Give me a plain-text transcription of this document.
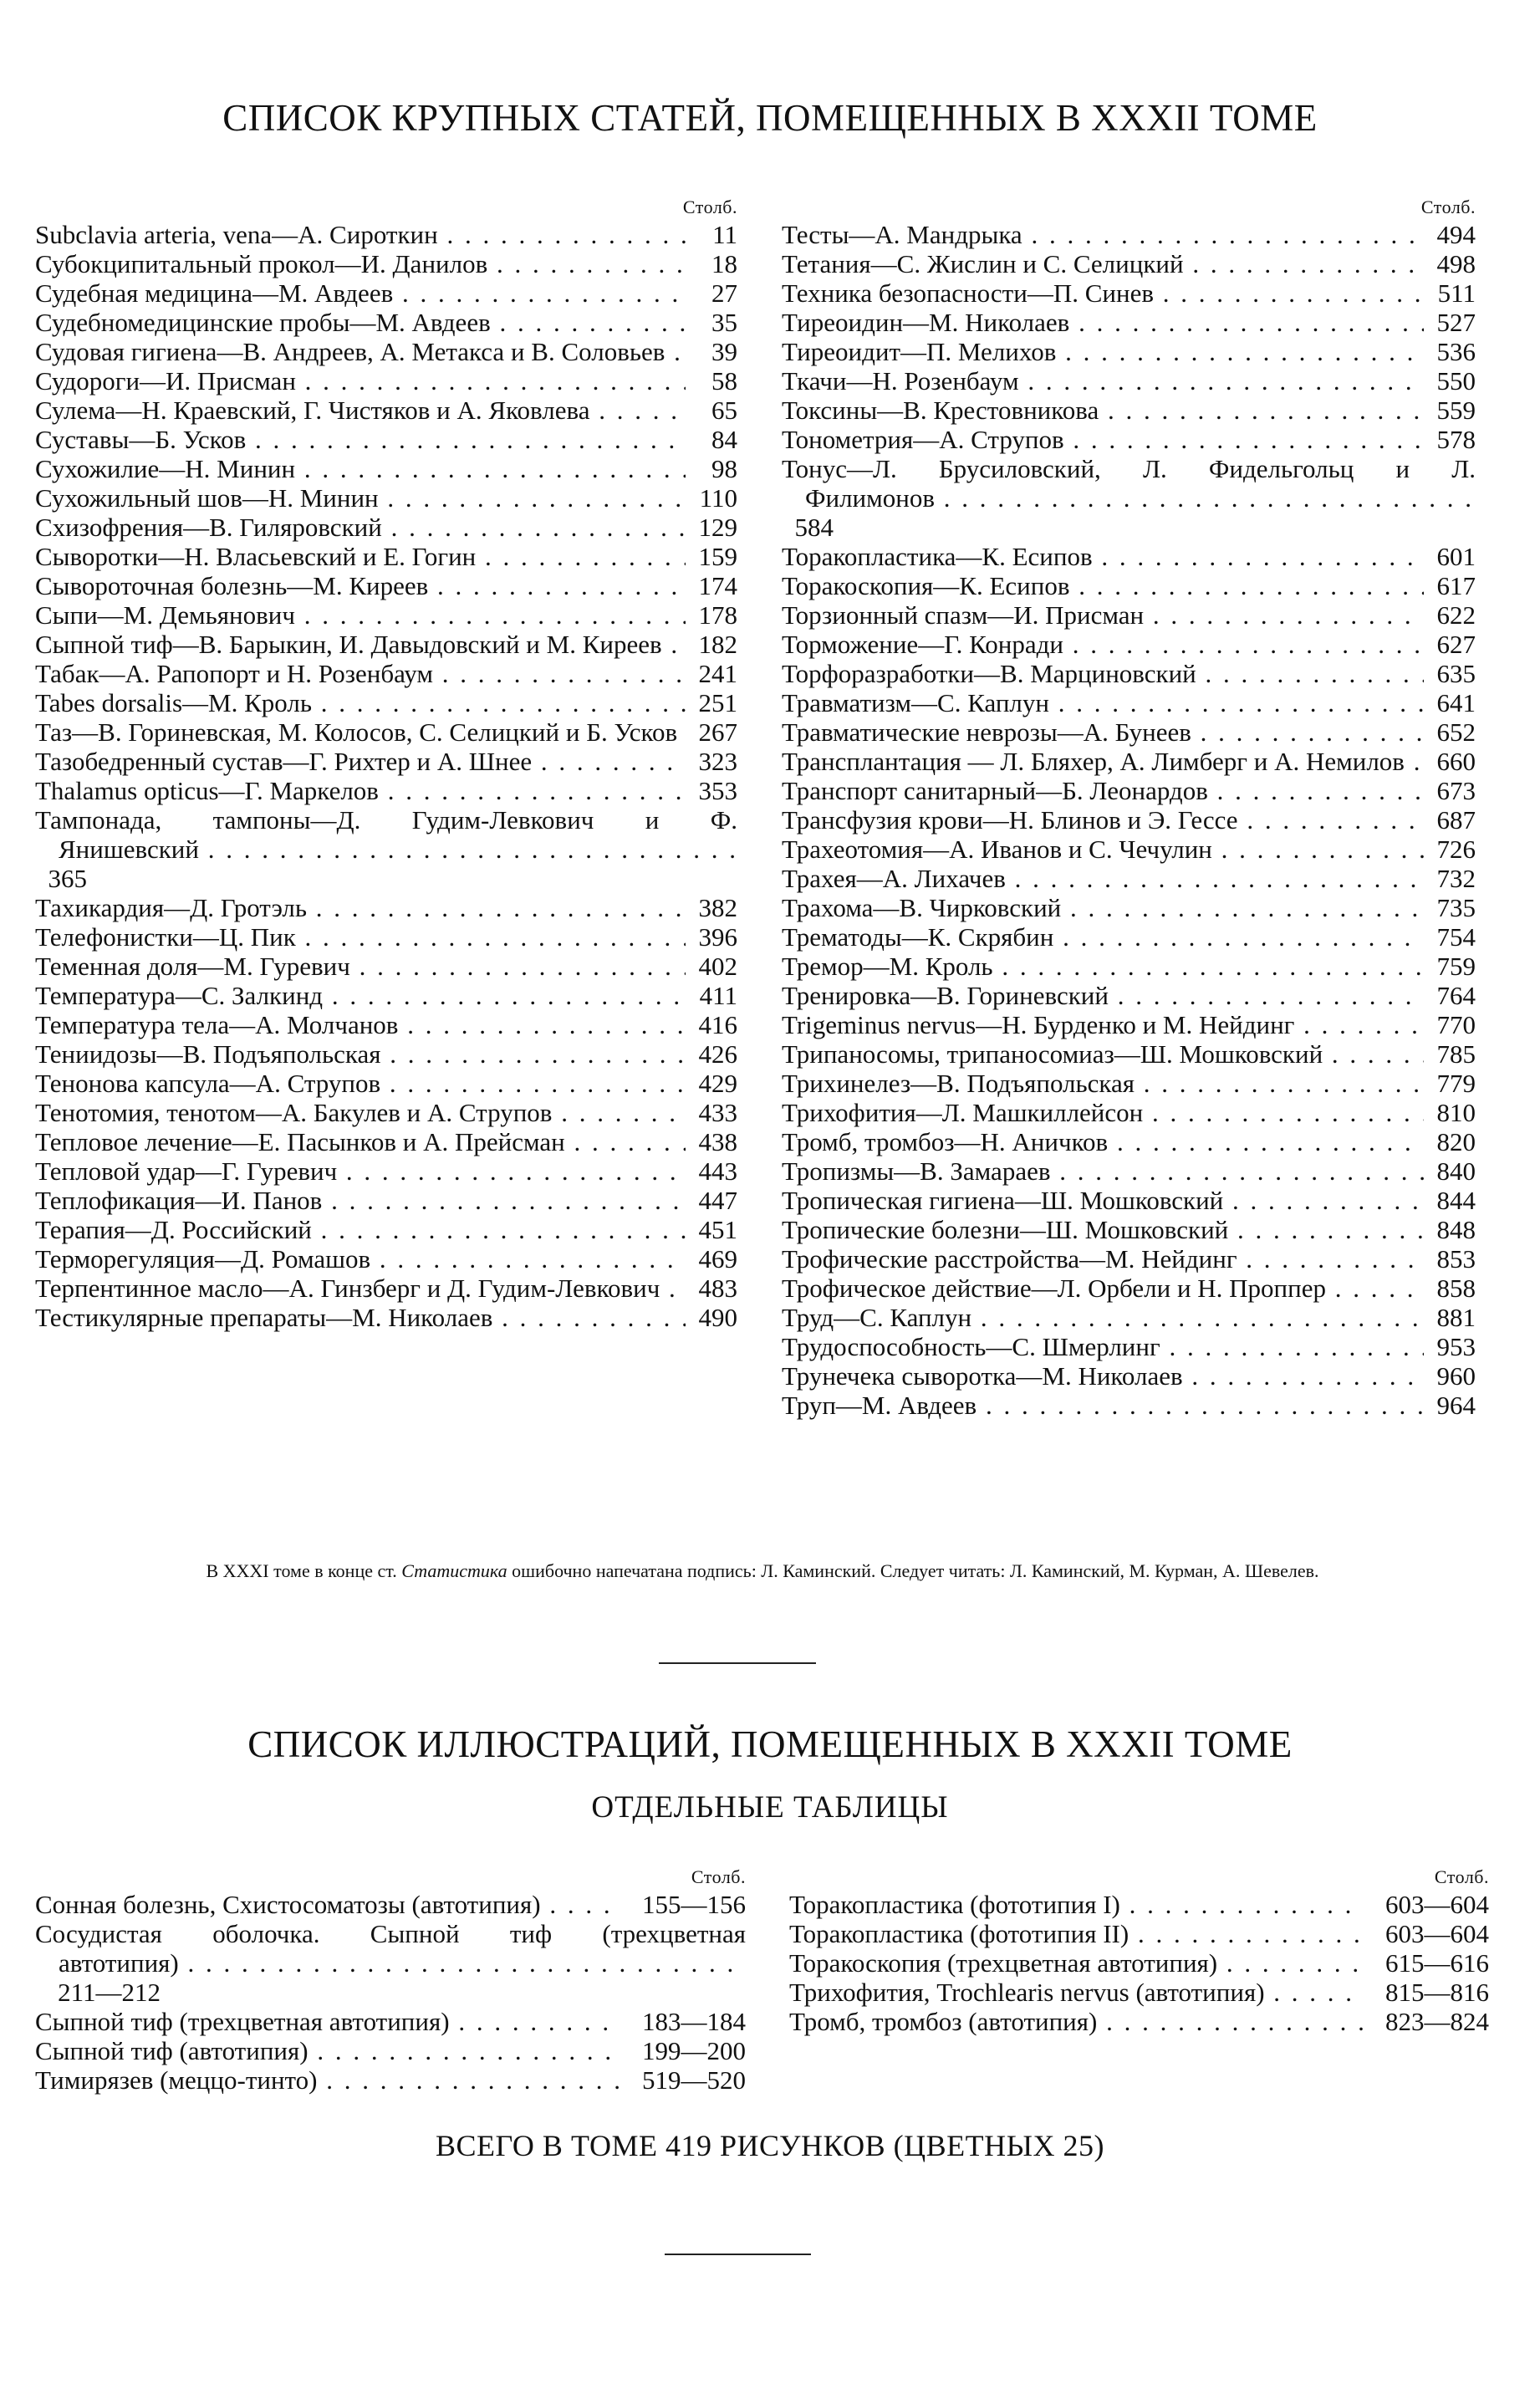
СПИСОК КРУПНЫХ СТАТЕЙ, ПОМЕЩЕННЫХ В XXXII ТОМЕ
Столб.
Subclavia arteria, vena—А. Сироткин . . .	11
Субокципитальный прокол—И. Данилов . . .	18
Судебная медицина—М. Авдеев . . .	27
Судебномедицинские пробы—М. Авдеев . . .	35
Судовая гигиена—В. Андреев, А. Метакса и В. Соловьев . . .	39
Судороги—И. Присман . . .	58
Сулема—Н. Краевский, Г. Чистяков и А. Яковлева . . .	65
Суставы—Б. Усков . . .	84
Сухожилие—Н. Минин . . .	98
Сухожильный шов—Н. Минин . . .	110
Схизофрения—В. Гиляровский . . .	129
Сыворотки—Н. Власьевский и Е. Гогин . . .	159
Сывороточная болезнь—М. Киреев . . .	174
Сыпи—М. Демьянович . . .	178
Сыпной тиф—В. Барыкин, И. Давыдовский и М. Киреев . . .	182
Табак—А. Рапопорт и Н. Розенбаум . . .	241
Tabes dorsalis—М. Кроль . . .	251
Таз—В. Гориневская, М. Колосов, С. Селицкий и Б. Усков . . . 267
Тазобедренный сустав—Г. Рихтер и А. Шнее . . .	323
Thalamus opticus—Г. Маркелов . . .	353
Тампонада, тампоны—Д. Гудим-Левкович и Ф.
Янишевский . . .
365
Тахикардия—Д. Гротэль . . .	382
Телефонистки—Ц. Пик . . .	396
Теменная доля—М. Гуревич . . .	402
Температура—С. Залкинд . . .	411
Температура тела—А. Молчанов . . .	416
Тениидозы—В. Подъяпольская . . .	426
Тенонова капсула—А. Струпов . . .	429
Тенотомия, тенотом—А. Бакулев и А. Струпов . . .	433
Тепловое лечение—Е. Пасынков и А. Прейсман . . .	438
Тепловой удар—Г. Гуревич . . .	443
Теплофикация—И. Панов . . .	447
Терапия—Д. Российский . . .	451
Терморегуляция—Д. Ромашов . . .	469
Терпентинное масло—А. Гинзберг и Д. Гудим-Левкович . . .	483
Тестикулярные препараты—М. Николаев . . .	490
Столб.
Тесты—А. Мандрыка . . .	494
Тетания—С. Жислин и С. Селицкий . . .	498
Техника безопасности—П. Синев . . .	511
Тиреоидин—М. Николаев . . .	527
Тиреоидит—П. Мелихов . . .	536
Ткачи—Н. Розенбаум . . .	550
Токсины—В. Крестовникова . . .	559
Тонометрия—А. Струпов . . .	578
Тонус—Л. Брусиловский, Л. Фидельгольц и Л.
Филимонов . . .
584
Торакопластика—К. Есипов . . .	601
Торакоскопия—К. Есипов . . .	617
Торзионный спазм—И. Присман . . .	622
Торможение—Г. Конради . . .	627
Торфоразработки—В. Марциновский . . .	635
Травматизм—С. Каплун . . .	641
Травматические неврозы—А. Бунеев . . .	652
Трансплантация — Л. Бляхер, А. Лимберг и А. Немилов . . .	660
Транспорт санитарный—Б. Леонардов . . .	673
Трансфузия крови—Н. Блинов и Э. Гессе . . .	687
Трахеотомия—А. Иванов и С. Чечулин . . .	726
Трахея—А. Лихачев . . .	732
Трахома—В. Чирковский . . .	735
Трематоды—К. Скрябин . . .	754
Тремор—М. Кроль . . .	759
Тренировка—В. Гориневский . . .	764
Trigeminus nervus—Н. Бурденко и М. Нейдинг . . .	770
Трипаносомы, трипаносомиаз—Ш. Мошковский . . .	785
Трихинелез—В. Подъяпольская . . .	779
Трихофития—Л. Машкиллейсон . . .	810
Тромб, тромбоз—Н. Аничков . . .	820
Тропизмы—В. Замараев . . .	840
Тропическая гигиена—Ш. Мошковский . . .	844
Тропические болезни—Ш. Мошковский . . .	848
Трофические расстройства—М. Нейдинг . . .	853
Трофическое действие—Л. Орбели и Н. Проппер . . .	858
Труд—С. Каплун . . .	881
Трудоспособность—С. Шмерлинг . . .	953
Трунечека сыворотка—М. Николаев . . .	960
Труп—М. Авдеев . . .	964
В XXXI томе в конце ст. Статистика ошибочно напечатана подпись: Л. Каминский. Следует читать: Л. Каминский, М. Курман, А. Шевелев.
СПИСОК ИЛЛЮСТРАЦИЙ, ПОМЕЩЕННЫХ В XXXII ТОМЕ
ОТДЕЛЬНЫЕ ТАБЛИЦЫ
Столб.
Сонная болезнь, Схистосоматозы (автотипия) . . .	155—156
Сосудистая оболочка. Сыпной тиф (трехцветная
автотипия) . . .
211—212
Сыпной тиф (трехцветная автотипия) . . .	183—184
Сыпной тиф (автотипия) . . .	199—200
Тимирязев (меццо-тинто) . . .	519—520
Столб.
Торакопластика (фототипия I) . . .	603—604
Торакопластика (фототипия II) . . .	603—604
Торакоскопия (трехцветная автотипия) . . .	615—616
Трихофития, Trochlearis nervus (автотипия) . . .	815—816
Тромб, тромбоз (автотипия) . . .	823—824
ВСЕГО В ТОМЕ 419 РИСУНКОВ (ЦВЕТНЫХ 25)
